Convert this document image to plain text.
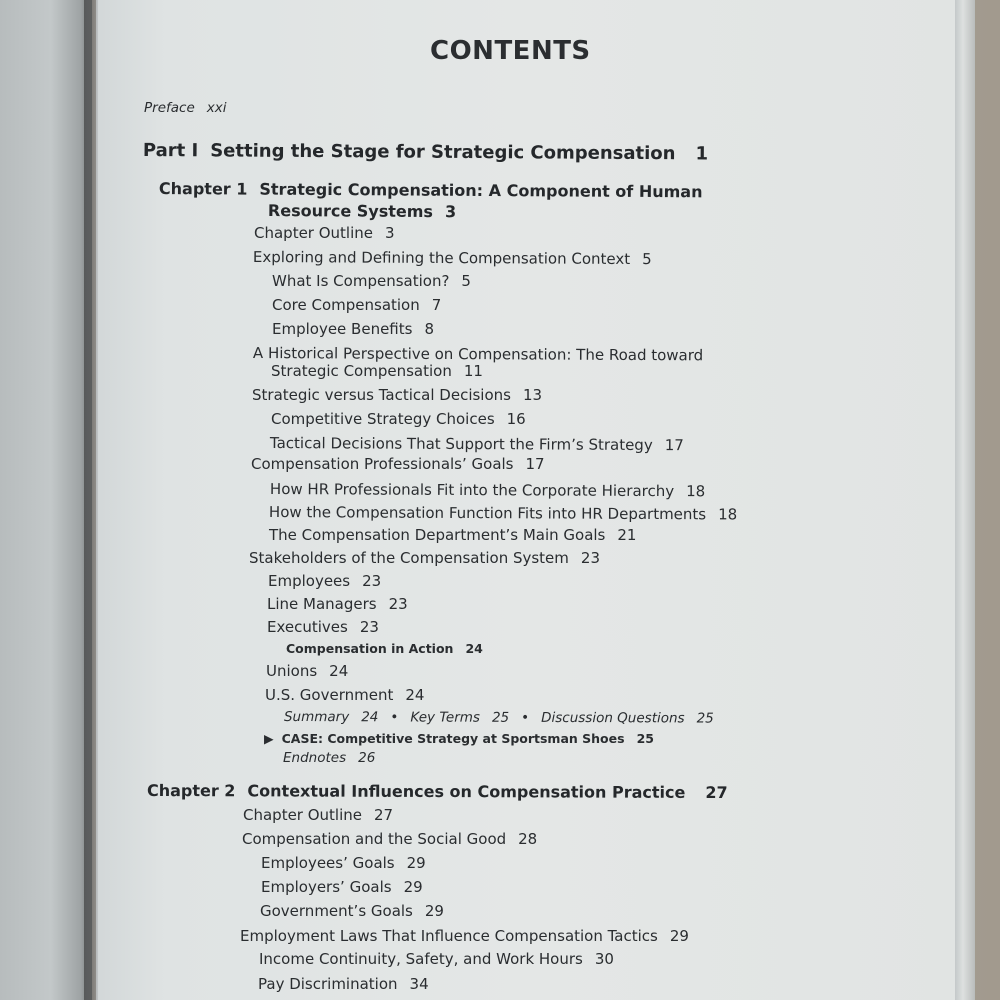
CONTENTS
Preface xxi
Part I Setting the Stage for Strategic Compensation 1
Chapter 1 Strategic Compensation: A Component of Human
Resource Systems 3
Chapter Outline 3
Exploring and Defining the Compensation Context 5
What Is Compensation? 5
Core Compensation 7
Employee Benefits 8
A Historical Perspective on Compensation: The Road toward
Strategic Compensation 11
Strategic versus Tactical Decisions 13
Competitive Strategy Choices 16
Tactical Decisions That Support the Firm’s Strategy 17
Compensation Professionals’ Goals 17
How HR Professionals Fit into the Corporate Hierarchy 18
How the Compensation Function Fits into HR Departments 18
The Compensation Department’s Main Goals 21
Stakeholders of the Compensation System 23
Employees 23
Line Managers 23
Executives 23
Compensation in Action 24
Unions 24
U.S. Government 24
Summary 24 • Key Terms 25 • Discussion Questions 25
▶ CASE: Competitive Strategy at Sportsman Shoes 25
Endnotes 26
Chapter 2 Contextual Influences on Compensation Practice 27
Chapter Outline 27
Compensation and the Social Good 28
Employees’ Goals 29
Employers’ Goals 29
Government’s Goals 29
Employment Laws That Influence Compensation Tactics 29
Income Continuity, Safety, and Work Hours 30
Pay Discrimination 34
